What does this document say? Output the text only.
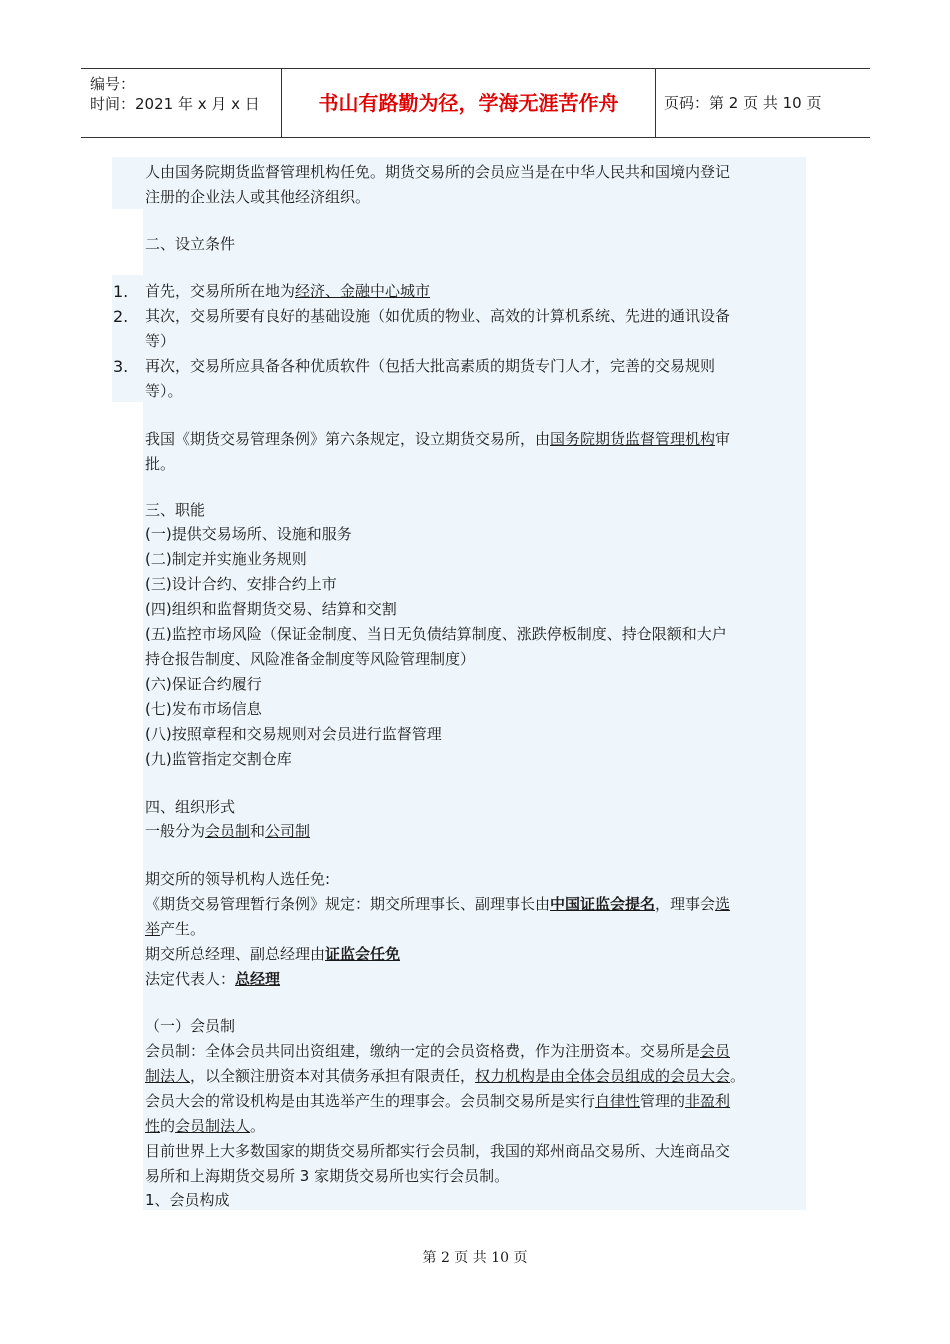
编号：
时间：2021 年 x 月 x 日	书山有路勤为径，学海无涯苦作舟	页码：第 2 页 共 10 页
人由国务院期货监督管理机构任免。期货交易所的会员应当是在中华人民共和国境内登记
注册的企业法人或其他经济组织。
二、设立条件
1. 首先，交易所所在地为经济、金融中心城市
2. 其次，交易所要有良好的基础设施（如优质的物业、高效的计算机系统、先进的通讯设备
等）
3. 再次，交易所应具备各种优质软件（包括大批高素质的期货专门人才，完善的交易规则
等）。
我国《期货交易管理条例》第六条规定，设立期货交易所，由国务院期货监督管理机构审
批。
三、职能
(一)提供交易场所、设施和服务
(二)制定并实施业务规则
(三)设计合约、安排合约上市
(四)组织和监督期货交易、结算和交割
(五)监控市场风险（保证金制度、当日无负债结算制度、涨跌停板制度、持仓限额和大户
持仓报告制度、风险准备金制度等风险管理制度）
(六)保证合约履行
(七)发布市场信息
(八)按照章程和交易规则对会员进行监督管理
(九)监管指定交割仓库
四、组织形式
一般分为会员制和公司制
期交所的领导机构人选任免:
《期货交易管理暂行条例》规定：期交所理事长、副理事长由中国证监会提名，理事会选
举产生。
期交所总经理、副总经理由证监会任免
法定代表人：总经理
（一）会员制
会员制：全体会员共同出资组建，缴纳一定的会员资格费，作为注册资本。交易所是会员
制法人，以全额注册资本对其债务承担有限责任，权力机构是由全体会员组成的会员大会。
会员大会的常设机构是由其选举产生的理事会。会员制交易所是实行自律性管理的非盈利
性的会员制法人。
目前世界上大多数国家的期货交易所都实行会员制，我国的郑州商品交易所、大连商品交
易所和上海期货交易所 3 家期货交易所也实行会员制。
1、会员构成
第 2 页 共 10 页
